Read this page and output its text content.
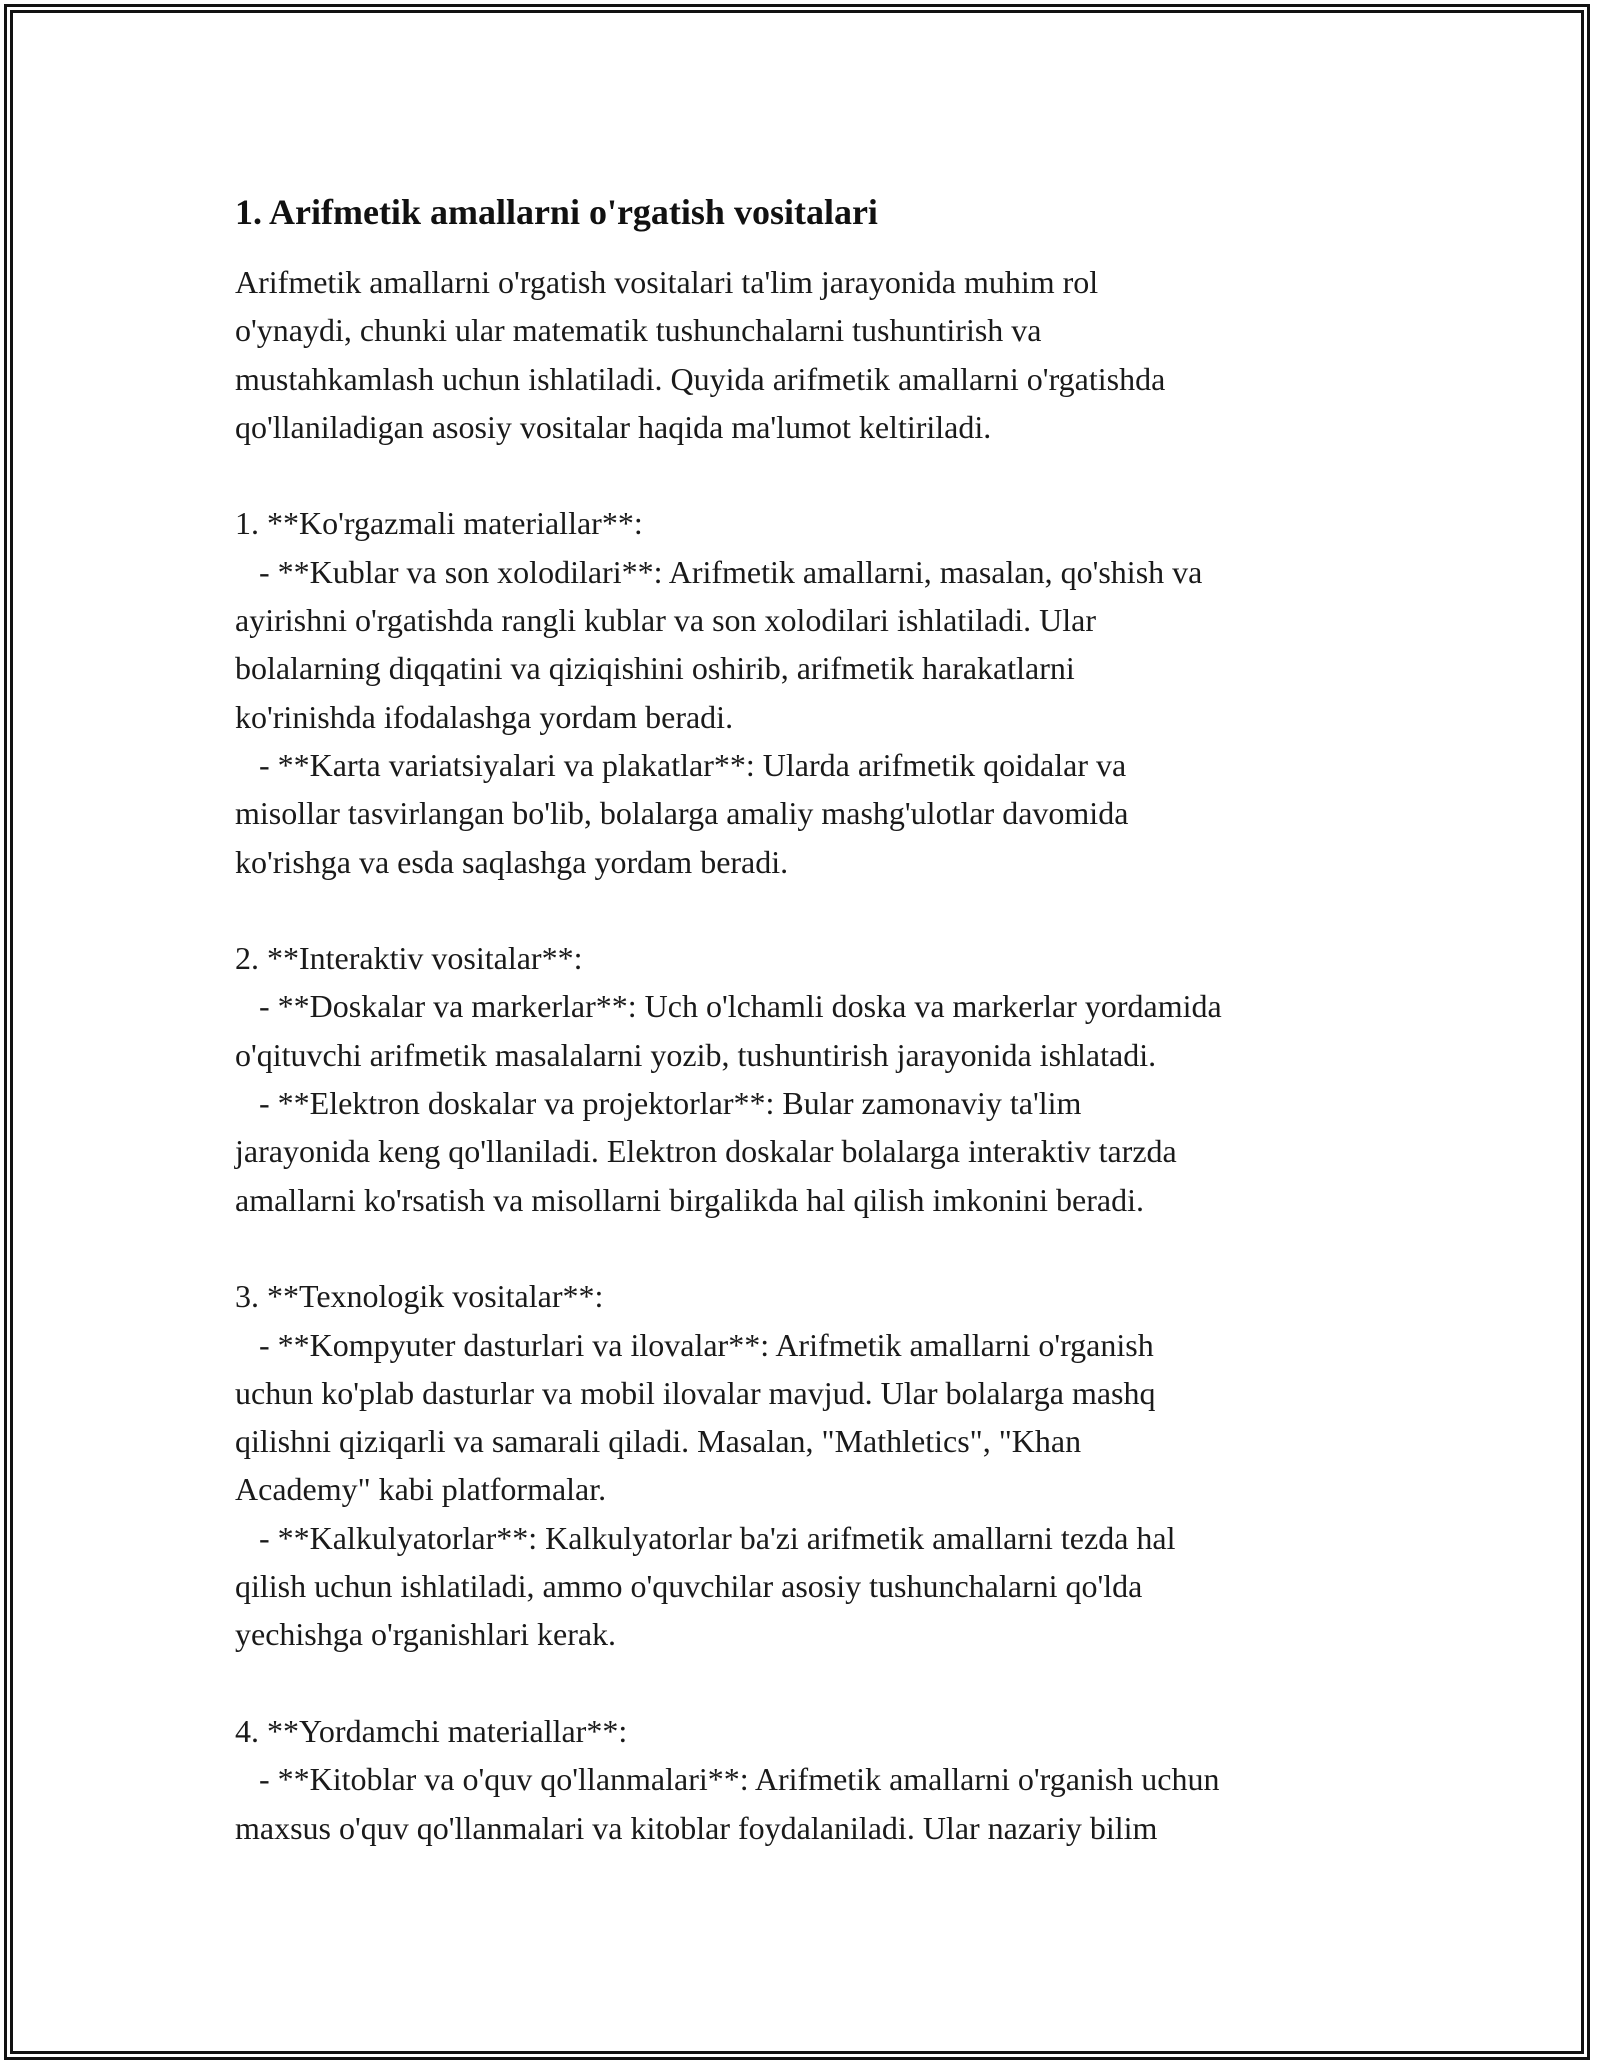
1. Arifmetik amallarni o'rgatish vositalari

Arifmetik amallarni o'rgatish vositalari ta'lim jarayonida muhim rol
o'ynaydi, chunki ular matematik tushunchalarni tushuntirish va
mustahkamlash uchun ishlatiladi. Quyida arifmetik amallarni o'rgatishda
qo'llaniladigan asosiy vositalar haqida ma'lumot keltiriladi.

1. **Ko'rgazmali materiallar**:
- **Kublar va son xolodilari**: Arifmetik amallarni, masalan, qo'shish va
ayirishni o'rgatishda rangli kublar va son xolodilari ishlatiladi. Ular
bolalarning diqqatini va qiziqishini oshirib, arifmetik harakatlarni
ko'rinishda ifodalashga yordam beradi.
- **Karta variatsiyalari va plakatlar**: Ularda arifmetik qoidalar va
misollar tasvirlangan bo'lib, bolalarga amaliy mashg'ulotlar davomida
ko'rishga va esda saqlashga yordam beradi.

2. **Interaktiv vositalar**:
- **Doskalar va markerlar**: Uch o'lchamli doska va markerlar yordamida
o'qituvchi arifmetik masalalarni yozib, tushuntirish jarayonida ishlatadi.
- **Elektron doskalar va projektorlar**: Bular zamonaviy ta'lim
jarayonida keng qo'llaniladi. Elektron doskalar bolalarga interaktiv tarzda
amallarni ko'rsatish va misollarni birgalikda hal qilish imkonini beradi.

3. **Texnologik vositalar**:
- **Kompyuter dasturlari va ilovalar**: Arifmetik amallarni o'rganish
uchun ko'plab dasturlar va mobil ilovalar mavjud. Ular bolalarga mashq
qilishni qiziqarli va samarali qiladi. Masalan, "Mathletics", "Khan
Academy" kabi platformalar.
- **Kalkulyatorlar**: Kalkulyatorlar ba'zi arifmetik amallarni tezda hal
qilish uchun ishlatiladi, ammo o'quvchilar asosiy tushunchalarni qo'lda
yechishga o'rganishlari kerak.

4. **Yordamchi materiallar**:
- **Kitoblar va o'quv qo'llanmalari**: Arifmetik amallarni o'rganish uchun
maxsus o'quv qo'llanmalari va kitoblar foydalaniladi. Ular nazariy bilim
